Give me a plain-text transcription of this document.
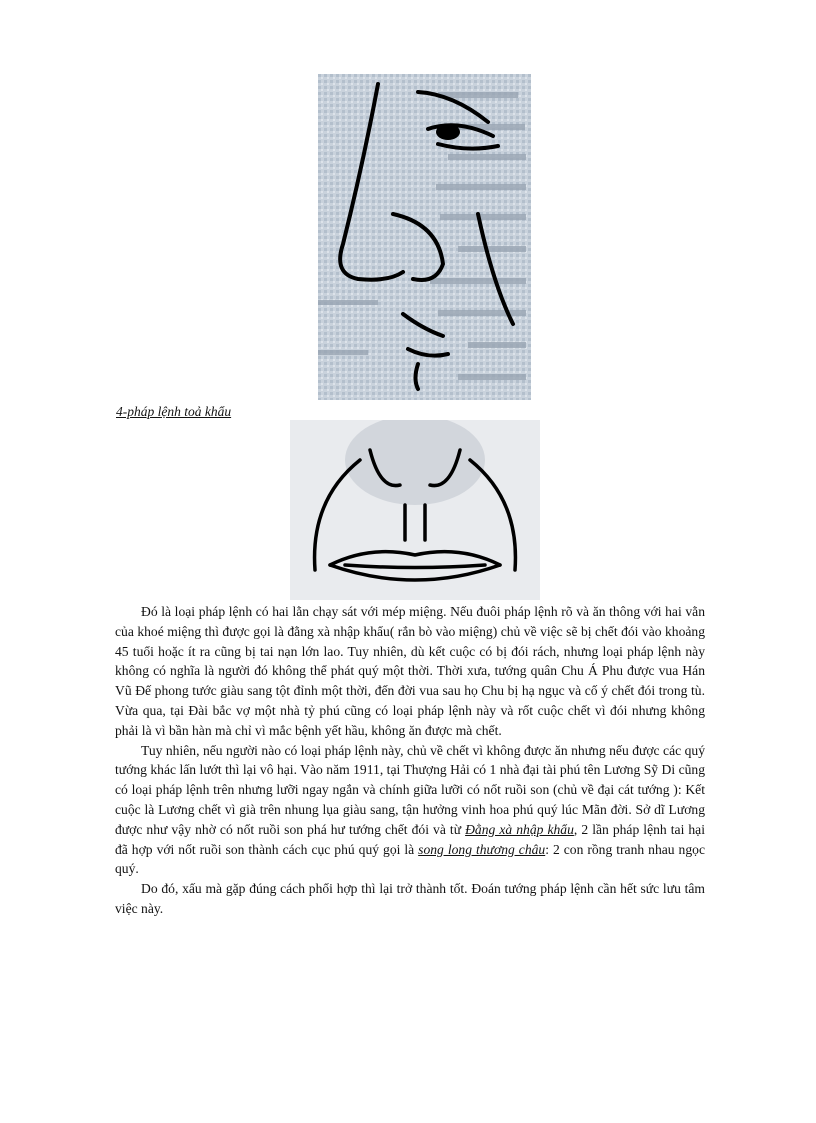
4-pháp lệnh toả khẩu

Đó là loại pháp lệnh có hai lằn chạy sát với mép miệng. Nếu đuôi pháp lệnh rõ và ăn thông với hai vằn của khoé miệng thì được gọi là đằng xà nhập khẩu( rắn bò vào miệng) chủ về việc sẽ bị chết đói vào khoảng 45 tuổi hoặc ít ra cũng bị tai nạn lớn lao. Tuy nhiên, dù kết cuộc có bị đói rách, nhưng loại pháp lệnh này không có nghĩa là người đó không thể phát quý một thời. Thời xưa, tướng quân Chu Á Phu được vua Hán Vũ Đế phong tước giàu sang tột đỉnh một thời, đến đời vua sau họ Chu bị hạ ngục và cố ý chết đói trong tù. Vừa qua, tại Đài bắc vợ một nhà tỷ phú cũng có loại pháp lệnh này và rốt cuộc chết vì đói nhưng không phải là vì bần hàn mà chỉ vì mắc bệnh yết hầu, không ăn được mà chết.

Tuy nhiên, nếu người nào có loại pháp lệnh này, chủ về chết vì không được ăn nhưng nếu được các quý tướng khác lấn lướt thì lại vô hại. Vào năm 1911, tại Thượng Hải có 1 nhà đại tài phú tên Lương Sỹ Di cũng có loại pháp lệnh trên nhưng lưỡi ngay ngắn và chính giữa lưỡi có nốt ruồi son (chủ về đại cát tướng ): Kết cuộc là Lương chết vì già trên nhung lụa giàu sang, tận hưởng vinh hoa phú quý lúc Mãn đời. Sở dĩ Lương được như vậy nhờ có nốt ruồi son phá hư tướng chết đói và từ Đằng xà nhập khẩu, 2 lần pháp lệnh tai hại đã hợp với nốt ruồi son thành cách cục phú quý gọi là song long thương châu: 2 con rồng tranh nhau ngọc quý.

Do đó, xấu mà gặp đúng cách phối hợp thì lại trở thành tốt. Đoán tướng pháp lệnh cần hết sức lưu tâm việc này.
